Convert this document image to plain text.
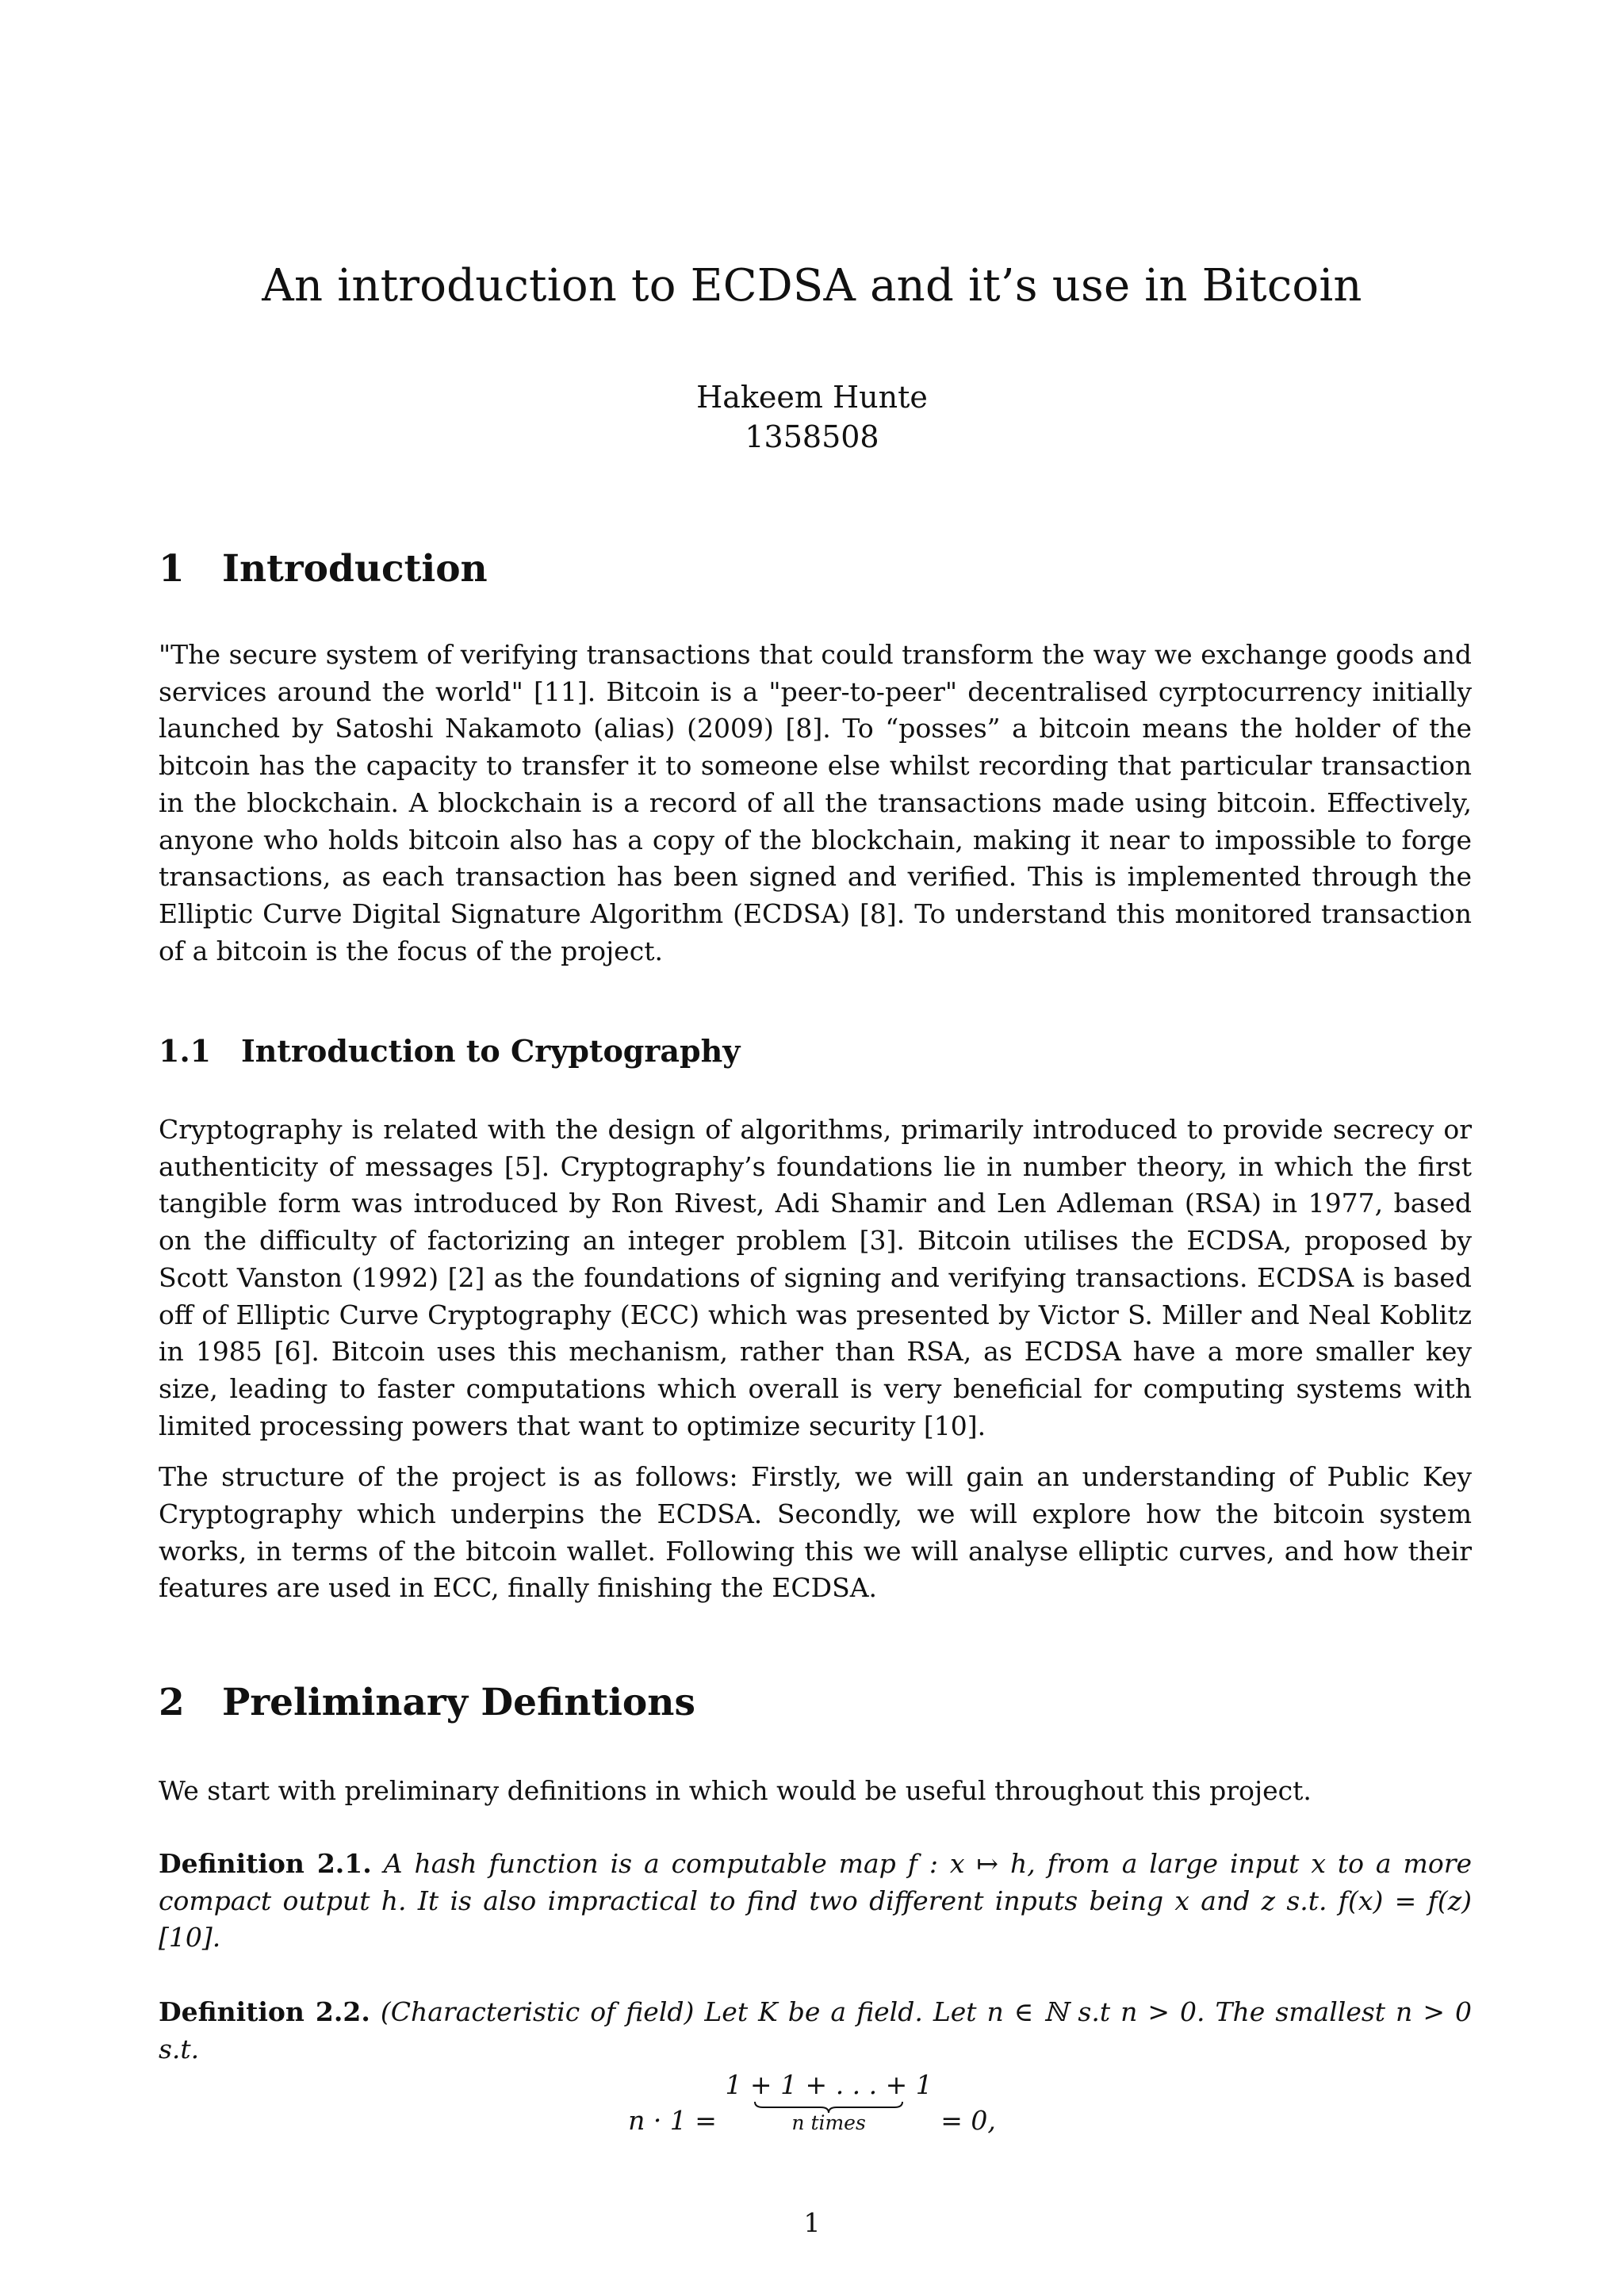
An introduction to ECDSA and it’s use in Bitcoin
Hakeem Hunte
1358508
1 Introduction

"The secure system of verifying transactions that could transform the way we exchange goods and services around the world" [11]. Bitcoin is a "peer-to-peer" decentralised cyrptocurrency initially launched by Satoshi Nakamoto (alias) (2009) [8]. To “posses” a bitcoin means the holder of the bitcoin has the capacity to transfer it to someone else whilst recording that particular transaction in the blockchain. A blockchain is a record of all the transactions made using bitcoin. Effectively, anyone who holds bitcoin also has a copy of the blockchain, making it near to impossible to forge transactions, as each transaction has been signed and verified. This is implemented through the Elliptic Curve Digital Signature Algorithm (ECDSA) [8]. To understand this monitored transaction of a bitcoin is the focus of the project.

1.1 Introduction to Cryptography

Cryptography is related with the design of algorithms, primarily introduced to provide secrecy or authenticity of messages [5]. Cryptography’s foundations lie in number theory, in which the first tangible form was introduced by Ron Rivest, Adi Shamir and Len Adleman (RSA) in 1977, based on the difficulty of factorizing an integer problem [3]. Bitcoin utilises the ECDSA, proposed by Scott Vanston (1992) [2] as the foundations of signing and verifying transactions. ECDSA is based off of Elliptic Curve Cryptography (ECC) which was presented by Victor S. Miller and Neal Koblitz in 1985 [6]. Bitcoin uses this mechanism, rather than RSA, as ECDSA have a more smaller key size, leading to faster computations which overall is very beneficial for computing systems with limited processing powers that want to optimize security [10].

The structure of the project is as follows: Firstly, we will gain an understanding of Public Key Cryptography which underpins the ECDSA. Secondly, we will explore how the bitcoin system works, in terms of the bitcoin wallet. Following this we will analyse elliptic curves, and how their features are used in ECC, finally finishing the ECDSA.

2 Preliminary Defintions

We start with preliminary definitions in which would be useful throughout this project.

Definition 2.1. A hash function is a computable map f : x ↦ h, from a large input x to a more compact output h. It is also impractical to find two different inputs being x and z s.t. f(x) = f(z) [10].
Definition 2.2. (Characteristic of field) Let K be a field. Let n ∈ ℕ s.t n > 0. The smallest n > 0 s.t.
n · 1 = 1 + 1 + . . . + 1
n times	= 0,
1
